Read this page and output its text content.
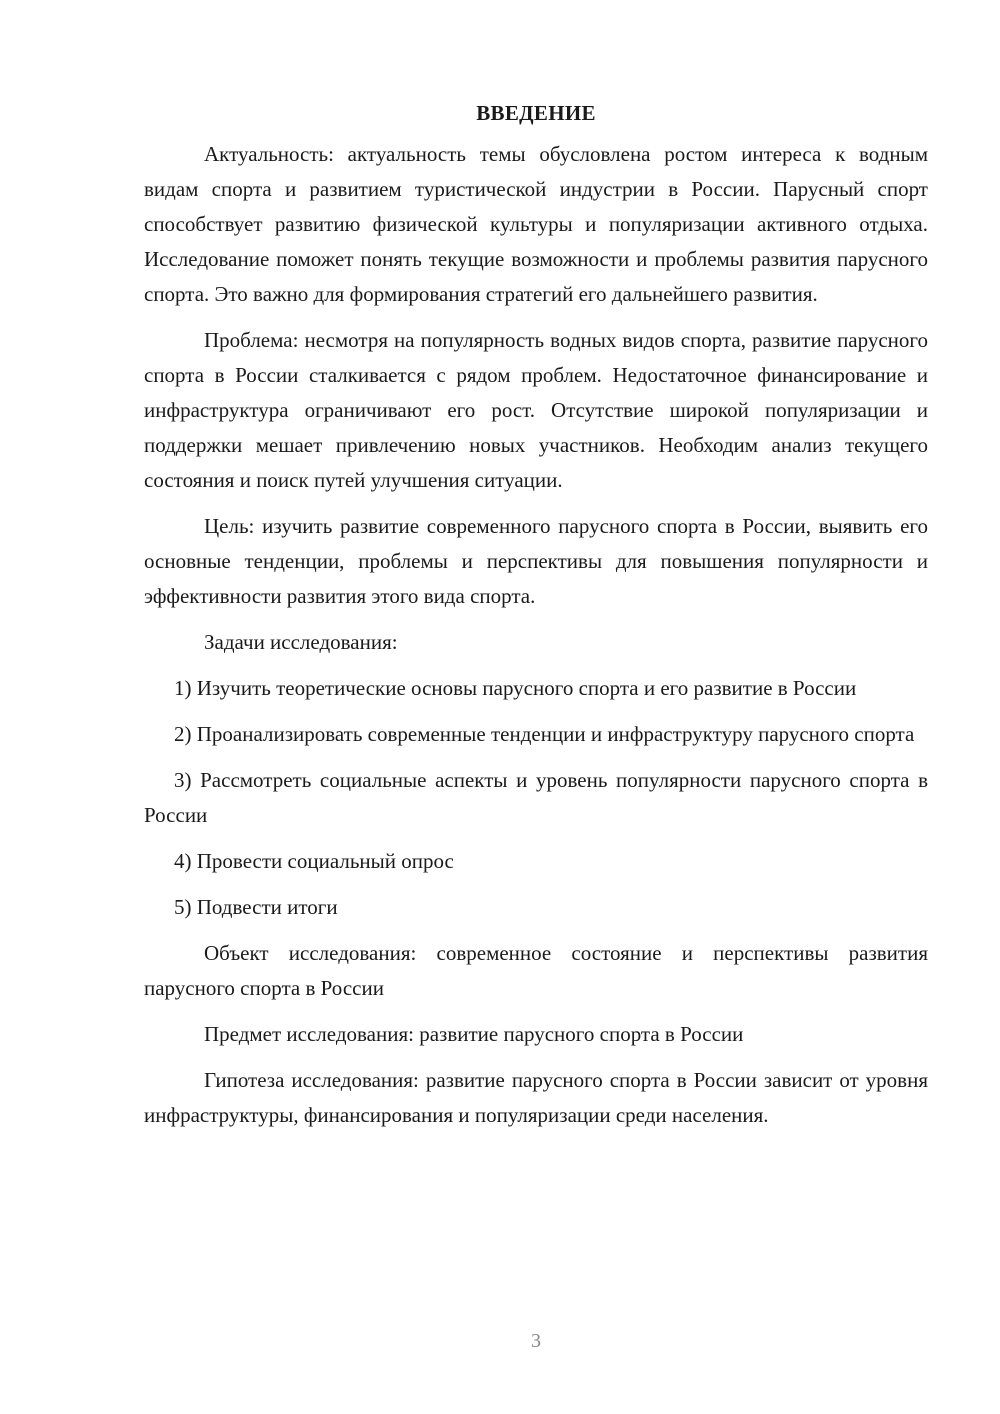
ВВЕДЕНИЕ

Актуальность: актуальность темы обусловлена ростом интереса к водным видам спорта и развитием туристической индустрии в России. Парусный спорт способствует развитию физической культуры и популяризации активного отдыха. Исследование поможет понять текущие возможности и проблемы развития парусного спорта. Это важно для формирования стратегий его дальнейшего развития.

Проблема: несмотря на популярность водных видов спорта, развитие парусного спорта в России сталкивается с рядом проблем. Недостаточное финансирование и инфраструктура ограничивают его рост. Отсутствие широкой популяризации и поддержки мешает привлечению новых участников. Необходим анализ текущего состояния и поиск путей улучшения ситуации.

Цель: изучить развитие современного парусного спорта в России, выявить его основные тенденции, проблемы и перспективы для повышения популярности и эффективности развития этого вида спорта.

Задачи исследования:

1) Изучить теоретические основы парусного спорта и его развитие в России

2) Проанализировать современные тенденции и инфраструктуру парусного спорта

3) Рассмотреть социальные аспекты и уровень популярности парусного спорта в России

4) Провести социальный опрос

5) Подвести итоги

Объект исследования: современное состояние и перспективы развития парусного спорта в России

Предмет исследования: развитие парусного спорта в России

Гипотеза исследования: развитие парусного спорта в России зависит от уровня инфраструктуры, финансирования и популяризации среди населения.

3
